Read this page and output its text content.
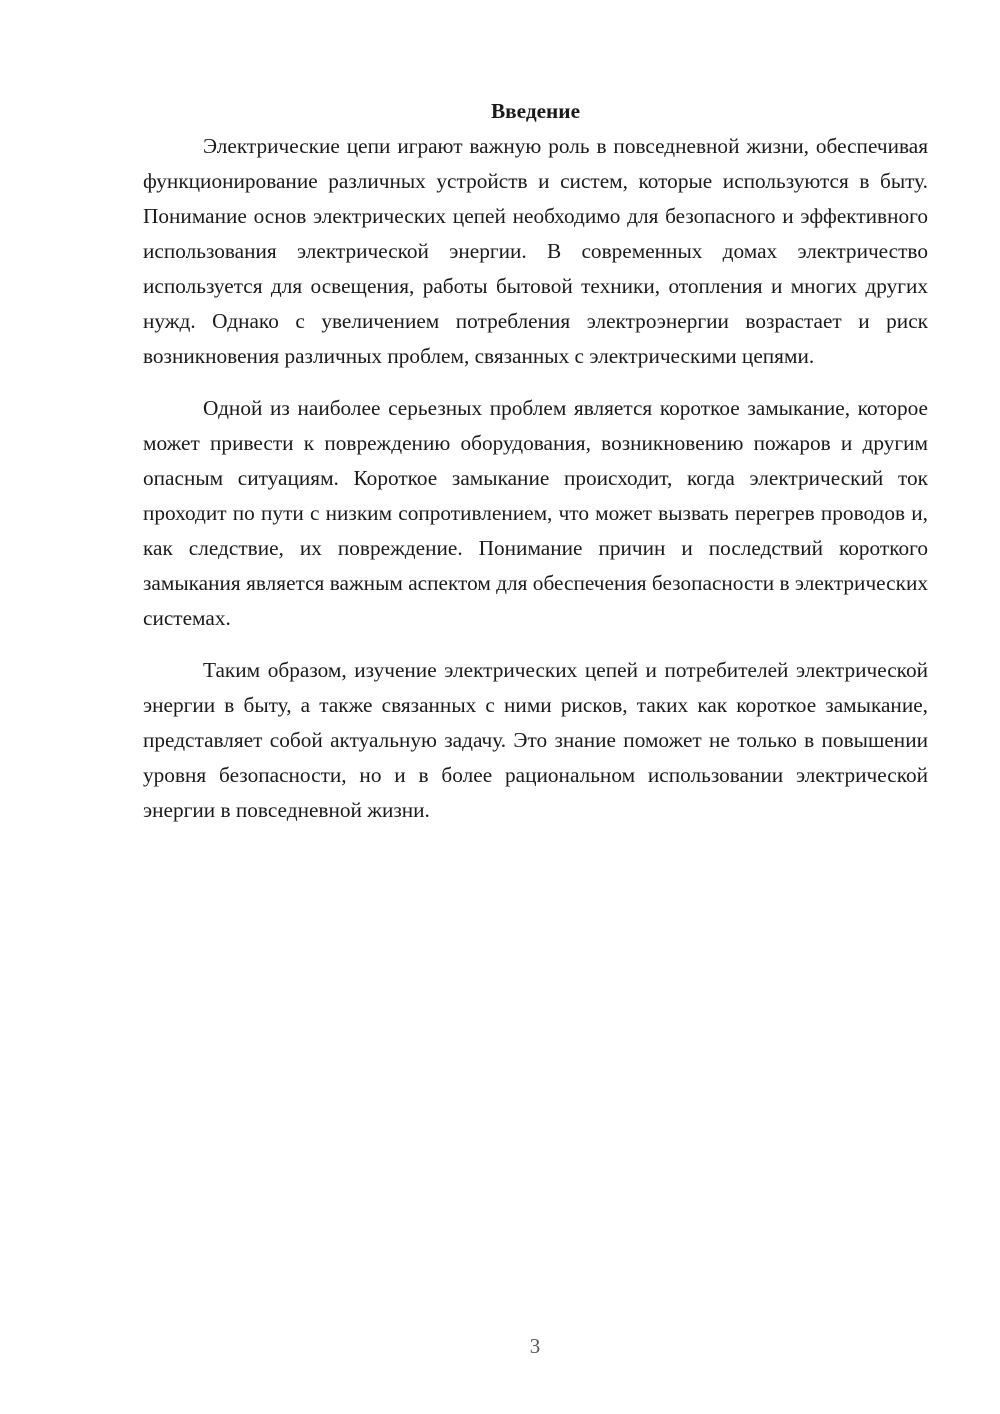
Введение

Электрические цепи играют важную роль в повседневной жизни, обеспечивая функционирование различных устройств и систем, которые используются в быту. Понимание основ электрических цепей необходимо для безопасного и эффективного использования электрической энергии. В современных домах электричество используется для освещения, работы бытовой техники, отопления и многих других нужд. Однако с увеличением потребления электроэнергии возрастает и риск возникновения различных проблем, связанных с электрическими цепями.

Одной из наиболее серьезных проблем является короткое замыкание, которое может привести к повреждению оборудования, возникновению пожаров и другим опасным ситуациям. Короткое замыкание происходит, когда электрический ток проходит по пути с низким сопротивлением, что может вызвать перегрев проводов и, как следствие, их повреждение. Понимание причин и последствий короткого замыкания является важным аспектом для обеспечения безопасности в электрических системах.

Таким образом, изучение электрических цепей и потребителей электрической энергии в быту, а также связанных с ними рисков, таких как короткое замыкание, представляет собой актуальную задачу. Это знание поможет не только в повышении уровня безопасности, но и в более рациональном использовании электрической энергии в повседневной жизни.

3
